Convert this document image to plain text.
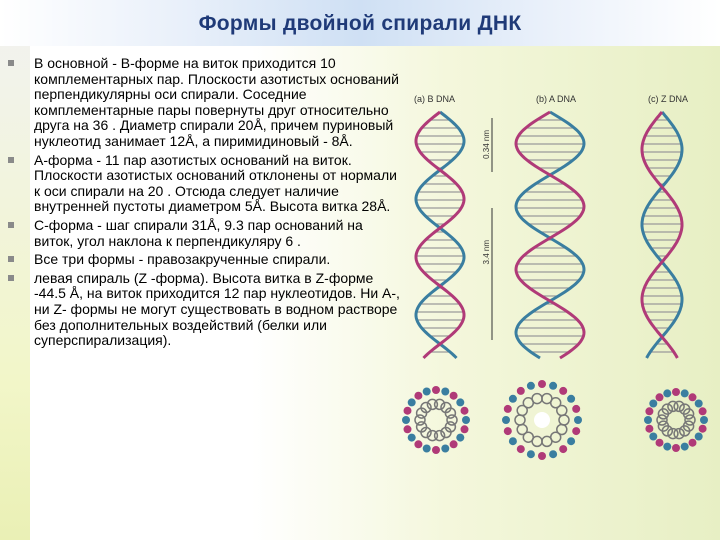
Формы двойной спирали ДНК
В основной - В-форме на виток приходится 10 комплементарных пар. Плоскости азотистых оснований перпендикулярны оси спирали. Соседние комплементарные пары повернуты друг относительно друга на 36 . Диаметр спирали 20Å, причем пуриновый нуклеотид занимает 12Å, а пиримидиновый - 8Å.
А-форма - 11 пар азотистых оснований на виток. Плоскости азотистых оснований отклонены от нормали к оси спирали на 20 . Отсюда следует наличие внутренней пустоты диаметром 5Å. Высота витка 28Å.
С-форма - шаг спирали 31Å, 9.3 пар оснований на виток, угол наклона к перпендикуляру 6 .
Все три формы - правозакрученные спирали.
левая спираль (Z -форма). Высота витка в Z-форме -44.5 Å, на виток приходится 12 пар нуклеотидов. Ни А-, ни Z- формы не могут существовать в водном растворе без дополнительных воздействий (белки или суперспирализация).
(a) B DNA	(b) A DNA	(c) Z DNA
0.34 nm
3.4 nm
